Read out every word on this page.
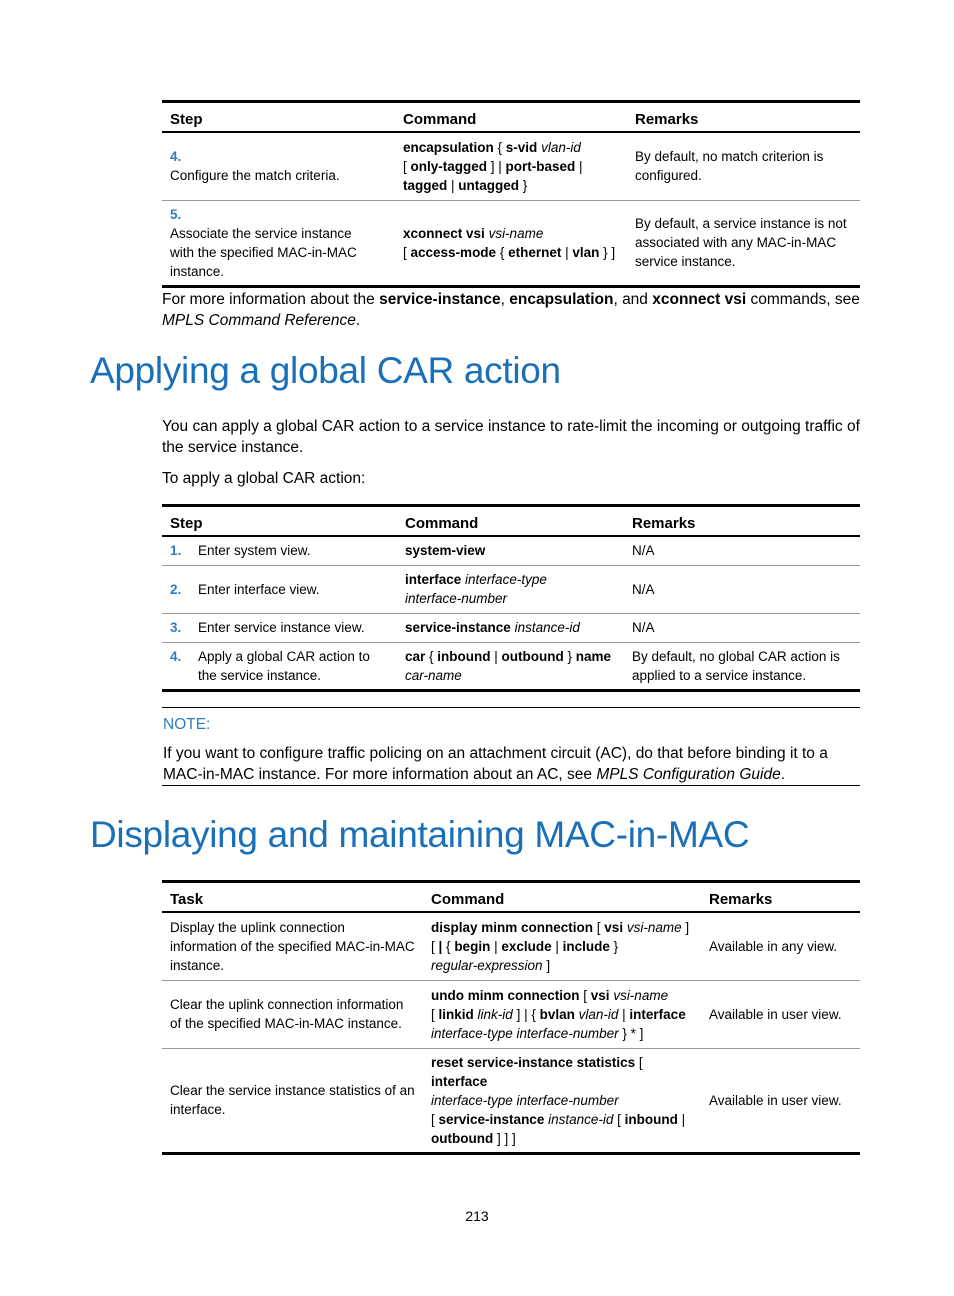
Step	Command	Remarks
4.Configure the match criteria.	encapsulation { s-vid vlan-id
[ only-tagged ] | port-based |
tagged | untagged }	By default, no match criterion is configured.
5.Associate the service instance with the specified MAC-in-MAC instance.	xconnect vsi vsi-name
[ access-mode { ethernet | vlan } ]	By default, a service instance is not associated with any MAC-in-MAC service instance.
For more information about the service-instance, encapsulation, and xconnect vsi commands, see MPLS Command Reference.
Applying a global CAR action
You can apply a global CAR action to a service instance to rate-limit the incoming or outgoing traffic of the service instance.
To apply a global CAR action:
Step	Command	Remarks
1. Enter system view.	system-view	N/A
2. Enter interface view.	interface interface-type
interface-number	N/A
3. Enter service instance view.	service-instance instance-id	N/A
4. Apply a global CAR action to the service instance.	car { inbound | outbound } name
car-name	By default, no global CAR action is applied to a service instance.
NOTE:
If you want to configure traffic policing on an attachment circuit (AC), do that before binding it to a MAC-in-MAC instance. For more information about an AC, see MPLS Configuration Guide.
Displaying and maintaining MAC-in-MAC
Task	Command	Remarks
Display the uplink connection information of the specified MAC-in-MAC instance.	display minm connection [ vsi vsi-name ]
[ | { begin | exclude | include }
regular-expression ]	Available in any view.
Clear the uplink connection information of the specified MAC-in-MAC instance.	undo minm connection [ vsi vsi-name
[ linkid link-id ] | { bvlan vlan-id | interface
interface-type interface-number } * ]	Available in user view.
Clear the service instance statistics of an interface.	reset service-instance statistics [ interface
interface-type interface-number
[ service-instance instance-id [ inbound |
outbound ] ] ]	Available in user view.
213
